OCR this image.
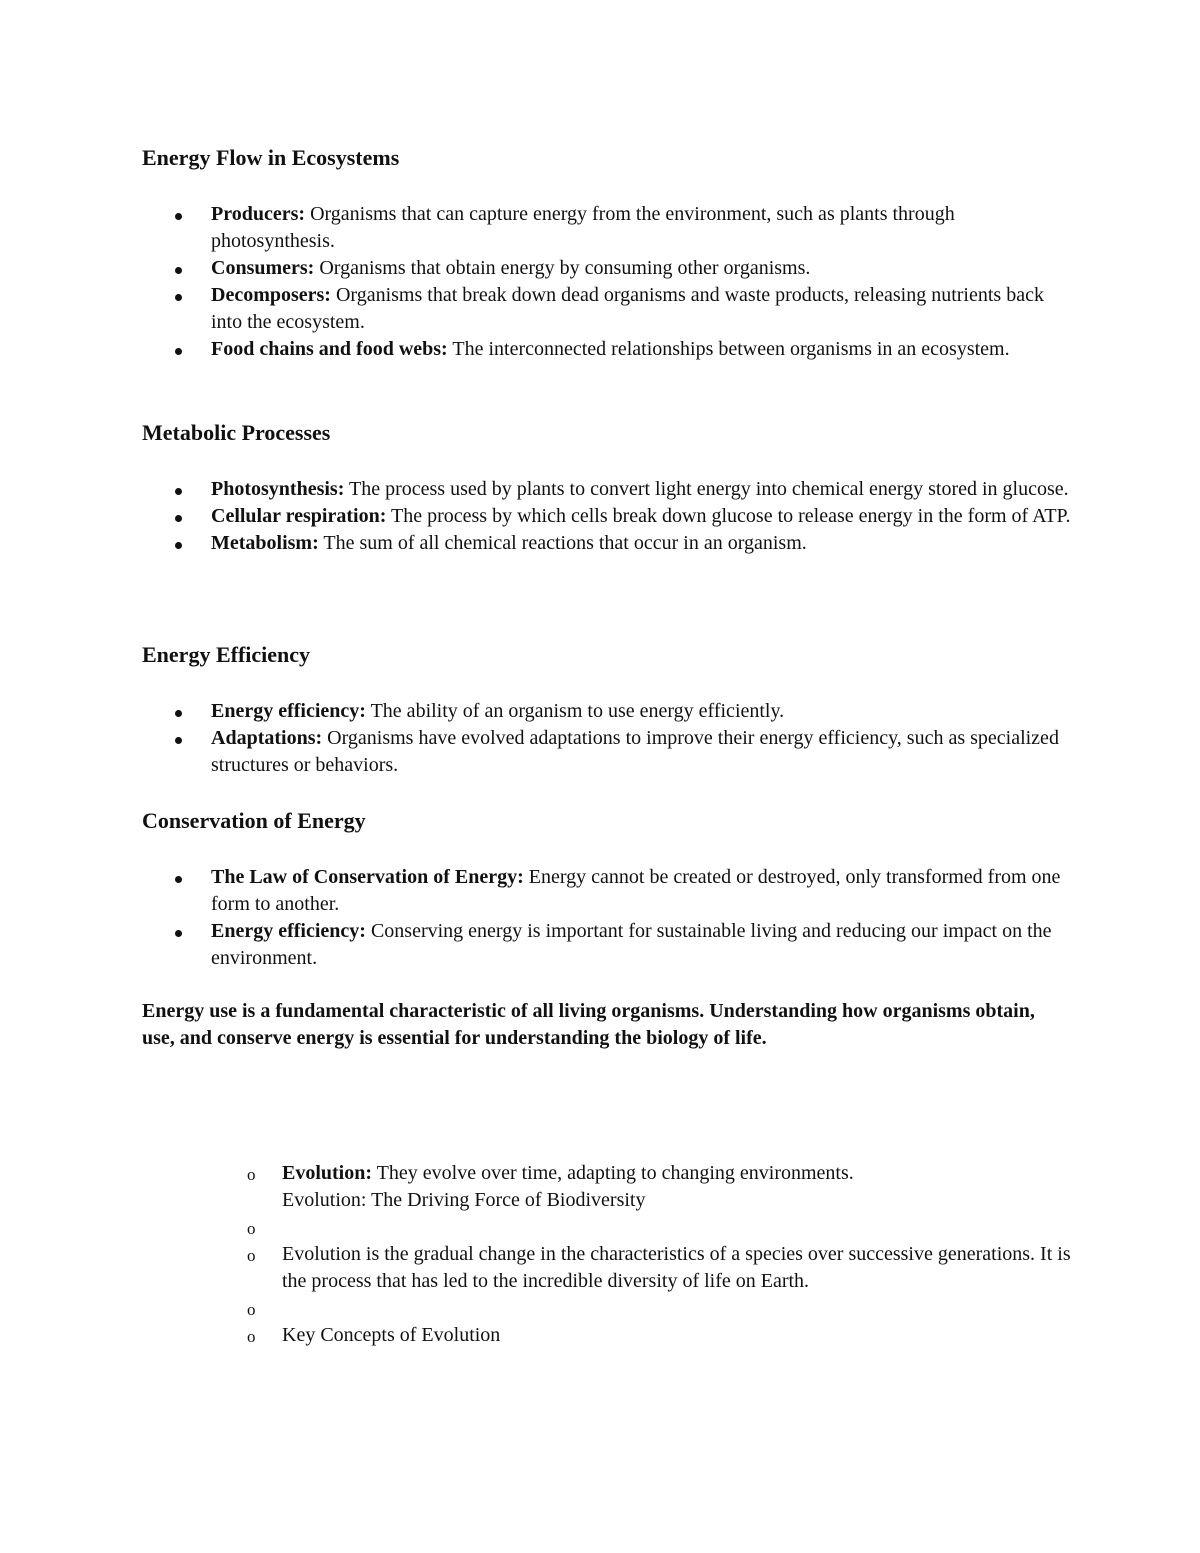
Energy Flow in Ecosystems
Producers: Organisms that can capture energy from the environment, such as plants through photosynthesis.
Consumers: Organisms that obtain energy by consuming other organisms.
Decomposers: Organisms that break down dead organisms and waste products, releasing nutrients back into the ecosystem.
Food chains and food webs: The interconnected relationships between organisms in an ecosystem.
Metabolic Processes
Photosynthesis: The process used by plants to convert light energy into chemical energy stored in glucose.
Cellular respiration: The process by which cells break down glucose to release energy in the form of ATP.
Metabolism: The sum of all chemical reactions that occur in an organism.
Energy Efficiency
Energy efficiency: The ability of an organism to use energy efficiently.
Adaptations: Organisms have evolved adaptations to improve their energy efficiency, such as specialized structures or behaviors.
Conservation of Energy
The Law of Conservation of Energy: Energy cannot be created or destroyed, only transformed from one form to another.
Energy efficiency: Conserving energy is important for sustainable living and reducing our impact on the environment.

Energy use is a fundamental characteristic of all living organisms. Understanding how organisms obtain, use, and conserve energy is essential for understanding the biology of life.

o Evolution: They evolve over time, adapting to changing environments.
Evolution: The Driving Force of Biodiversity
o
o Evolution is the gradual change in the characteristics of a species over successive generations. It is the process that has led to the incredible diversity of life on Earth.
o
o Key Concepts of Evolution
